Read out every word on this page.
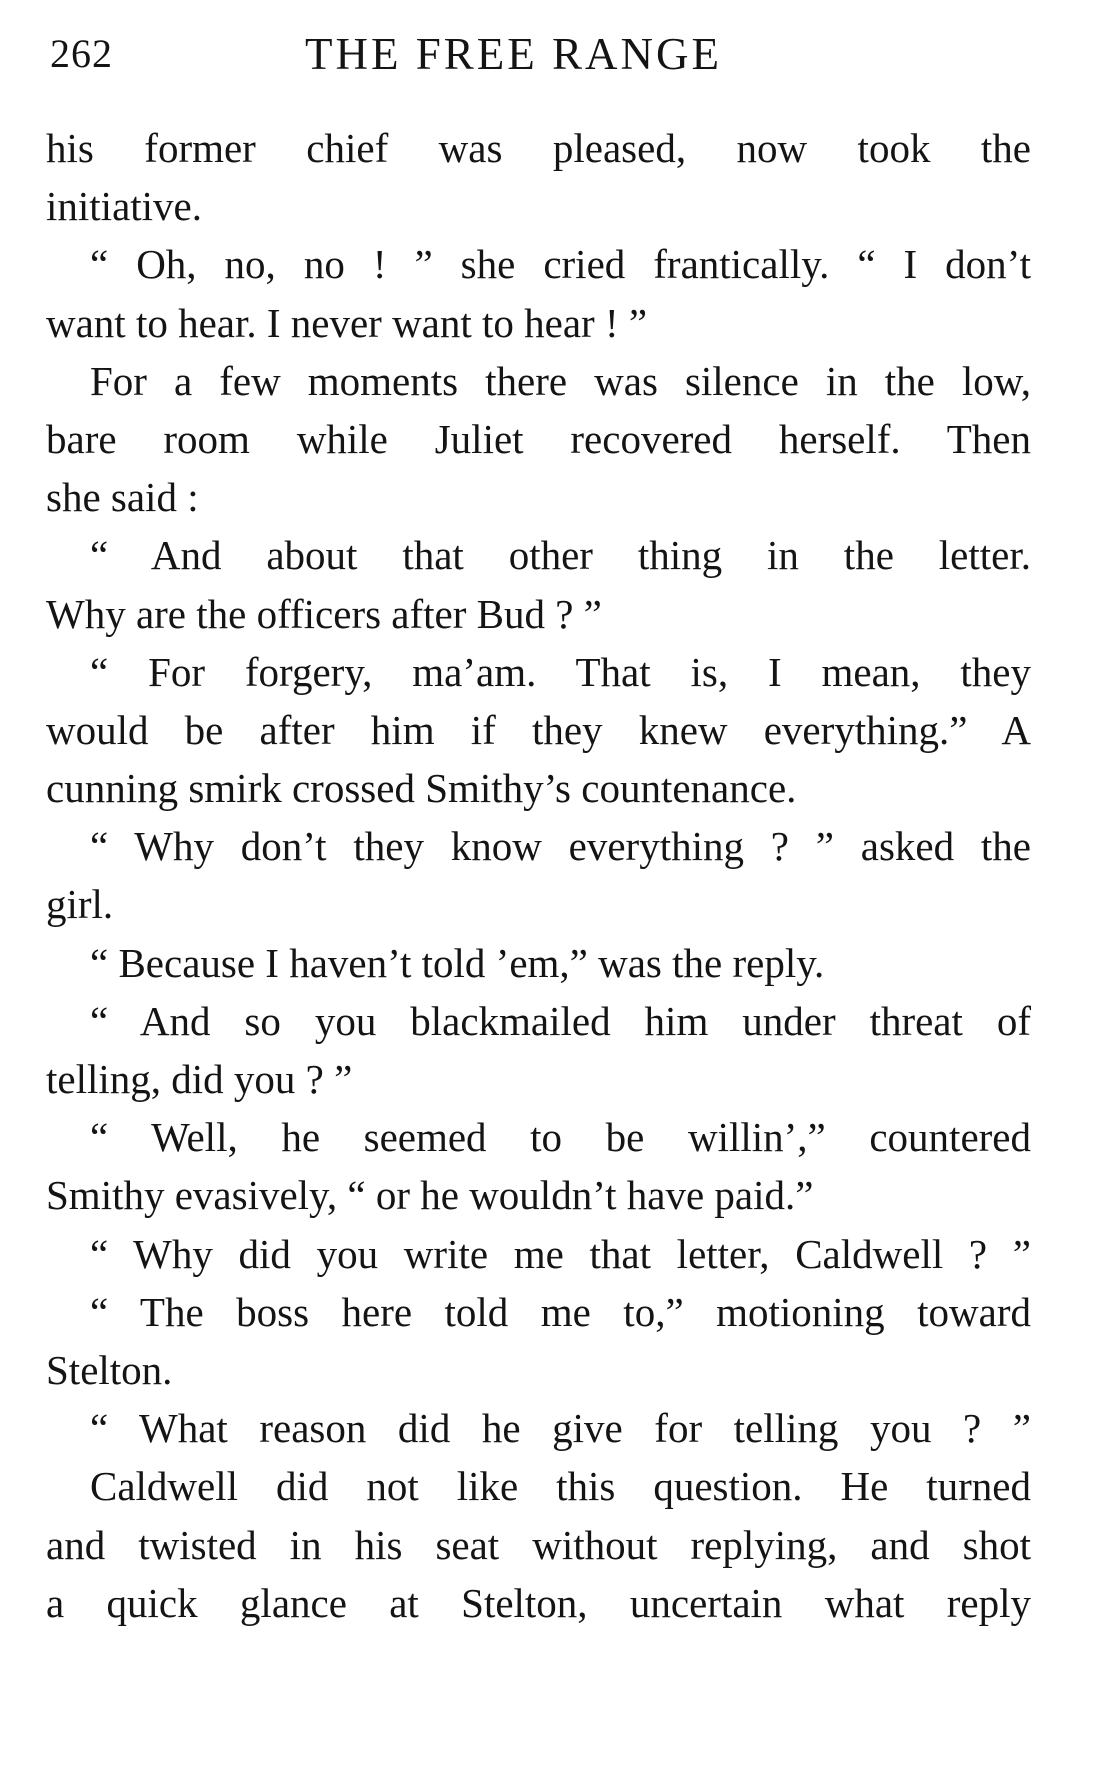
262	THE FREE RANGE
his former chief was pleased, now took the
initiative.
“ Oh, no, no ! ” she cried frantically. “ I don’t
want to hear. I never want to hear ! ”
For a few moments there was silence in the low,
bare room while Juliet recovered herself. Then
she said :
“ And about that other thing in the letter.
Why are the officers after Bud ? ”
“ For forgery, ma’am. That is, I mean, they
would be after him if they knew everything.” A
cunning smirk crossed Smithy’s countenance.
“ Why don’t they know everything ? ” asked the
girl.
“ Because I haven’t told ’em,” was the reply.
“ And so you blackmailed him under threat of
telling, did you ? ”
“ Well, he seemed to be willin’,” countered
Smithy evasively, “ or he wouldn’t have paid.”
“ Why did you write me that letter, Caldwell ? ”
“ The boss here told me to,” motioning toward
Stelton.
“ What reason did he give for telling you ? ”
Caldwell did not like this question. He turned
and twisted in his seat without replying, and shot
a quick glance at Stelton, uncertain what reply
